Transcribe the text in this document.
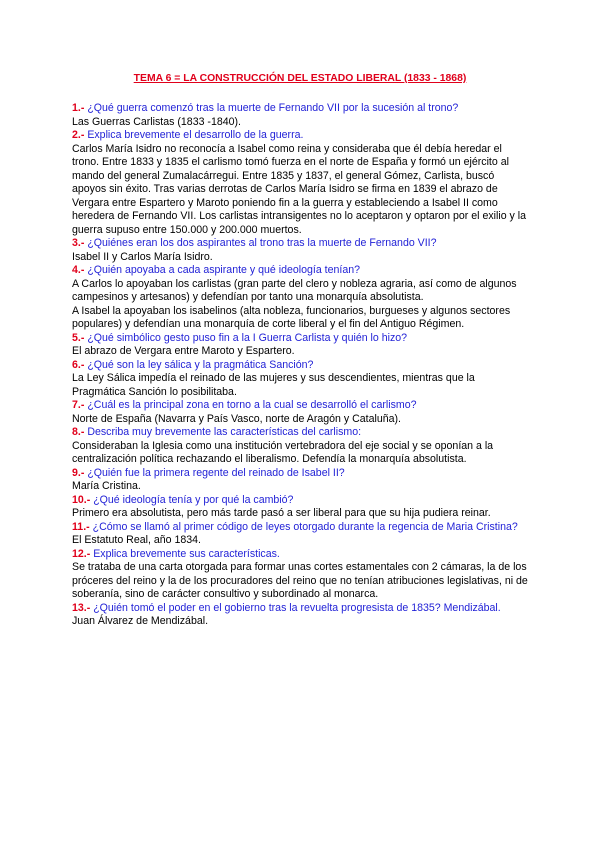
TEMA 6 = LA CONSTRUCCIÓN DEL ESTADO LIBERAL (1833 - 1868)
1.- ¿Qué guerra comenzó tras la muerte de Fernando VII por la sucesión al trono?
Las Guerras Carlistas (1833 -1840).
2.- Explica brevemente el desarrollo de la guerra.
Carlos María Isidro no reconocía a Isabel como reina y consideraba que él debía heredar el trono. Entre 1833 y 1835 el carlismo tomó fuerza en el norte de España y formó un ejército al mando del general Zumalacárregui. Entre 1835 y 1837, el general Gómez, Carlista, buscó apoyos sin éxito. Tras varias derrotas de Carlos María Isidro se firma en 1839 el abrazo de Vergara entre Espartero y Maroto poniendo fin a la guerra y estableciendo a Isabel II como heredera de Fernando VII. Los carlistas intransigentes no lo aceptaron y optaron por el exilio y la guerra supuso entre 150.000 y 200.000 muertos.
3.- ¿Quiénes eran los dos aspirantes al trono tras la muerte de Fernando VII?
Isabel II y Carlos María Isidro.
4.- ¿Quién apoyaba a cada aspirante y qué ideología tenían?
A Carlos lo apoyaban los carlistas (gran parte del clero y nobleza agraria, así como de algunos campesinos y artesanos) y defendían por tanto una monarquía absolutista.
A Isabel la apoyaban los isabelinos (alta nobleza, funcionarios, burgueses y algunos sectores populares) y defendían una monarquía de corte liberal y el fin del Antiguo Régimen.
5.- ¿Qué simbólico gesto puso fin a la I Guerra Carlista y quién lo hizo?
El abrazo de Vergara entre Maroto y Espartero.
6.- ¿Qué son la ley sálica y la pragmática Sanción?
La Ley Sálica impedía el reinado de las mujeres y sus descendientes, mientras que la Pragmática Sanción lo posibilitaba.
7.- ¿Cuál es la principal zona en torno a la cual se desarrolló el carlismo?
Norte de España (Navarra y País Vasco, norte de Aragón y Cataluña).
8.- Describa muy brevemente las características del carlismo:
Consideraban la Iglesia como una institución vertebradora del eje social y se oponían a la centralización política rechazando el liberalismo. Defendía la monarquía absolutista.
9.- ¿Quién fue la primera regente del reinado de Isabel II?
María Cristina.
10.- ¿Qué ideología tenía y por qué la cambió?
Primero era absolutista, pero más tarde pasó a ser liberal para que su hija pudiera reinar.
11.- ¿Cómo se llamó al primer código de leyes otorgado durante la regencia de Maria Cristina?
El Estatuto Real, año 1834.
12.- Explica brevemente sus características.
Se trataba de una carta otorgada para formar unas cortes estamentales con 2 cámaras, la de los próceres del reino y la de los procuradores del reino que no tenían atribuciones legislativas, ni de soberanía, sino de carácter consultivo y subordinado al monarca.
13.- ¿Quién tomó el poder en el gobierno tras la revuelta progresista de 1835? Mendizábal.
Juan Álvarez de Mendizábal.
